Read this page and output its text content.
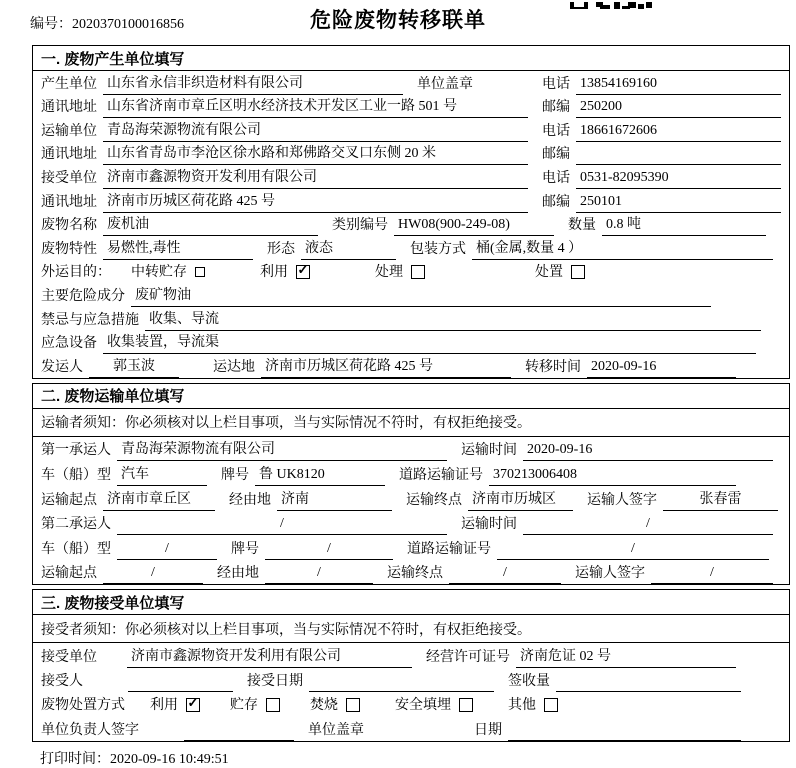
编号：2020370100016856	危险废物转移联单
一. 废物产生单位填写
产生单位 山东省永信非织造材料有限公司	单位盖章	电话 13854169160
通讯地址 山东省济南市章丘区明水经济技术开发区工业一路 501 号	邮编 250200
运输单位 青岛海荣源物流有限公司	电话 18661672606
通讯地址 山东省青岛市李沧区徐水路和郑佛路交叉口东侧 20 米	邮编
接受单位 济南市鑫源物资开发利用有限公司	电话 0531-82095390
通讯地址 济南市历城区荷花路 425 号	邮编 250101
废物名称 废机油	类别编号 HW08(900-249-08)	数量 0.8 吨
废物特性 易燃性,毒性	形态 液态	包装方式 桶(金属,数量 4 ）
外运目的： 中转贮存	利用 ✓	处理	处置
主要危险成分 废矿物油
禁忌与应急措施 收集、导流
应急设备 收集装置，导流渠
发运人	郭玉波	运达地 济南市历城区荷花路 425 号	转移时间 2020-09-16
二. 废物运输单位填写
运输者须知：你必须核对以上栏目事项，当与实际情况不符时，有权拒绝接受。
第一承运人 青岛海荣源物流有限公司	运输时间 2020-09-16
车（船）型 汽车	牌号 鲁 UK8120	道路运输证号 370213006408
运输起点 济南市章丘区	经由地 济南	运输终点 济南市历城区	运输人签字	张春雷
第二承运人	/	运输时间	/
车（船）型	/	牌号	/	道路运输证号	/
运输起点	/	经由地	/	运输终点	/	运输人签字	/
三. 废物接受单位填写
接受者须知：你必须核对以上栏目事项，当与实际情况不符时，有权拒绝接受。
接受单位 济南市鑫源物资开发利用有限公司	经营许可证号 济南危证 02 号
接受人	接受日期	签收量
废物处置方式 利用 ✓	贮存	焚烧	安全填埋	其他
单位负责人签字	单位盖章	日期
打印时间：2020-09-16 10:49:51
